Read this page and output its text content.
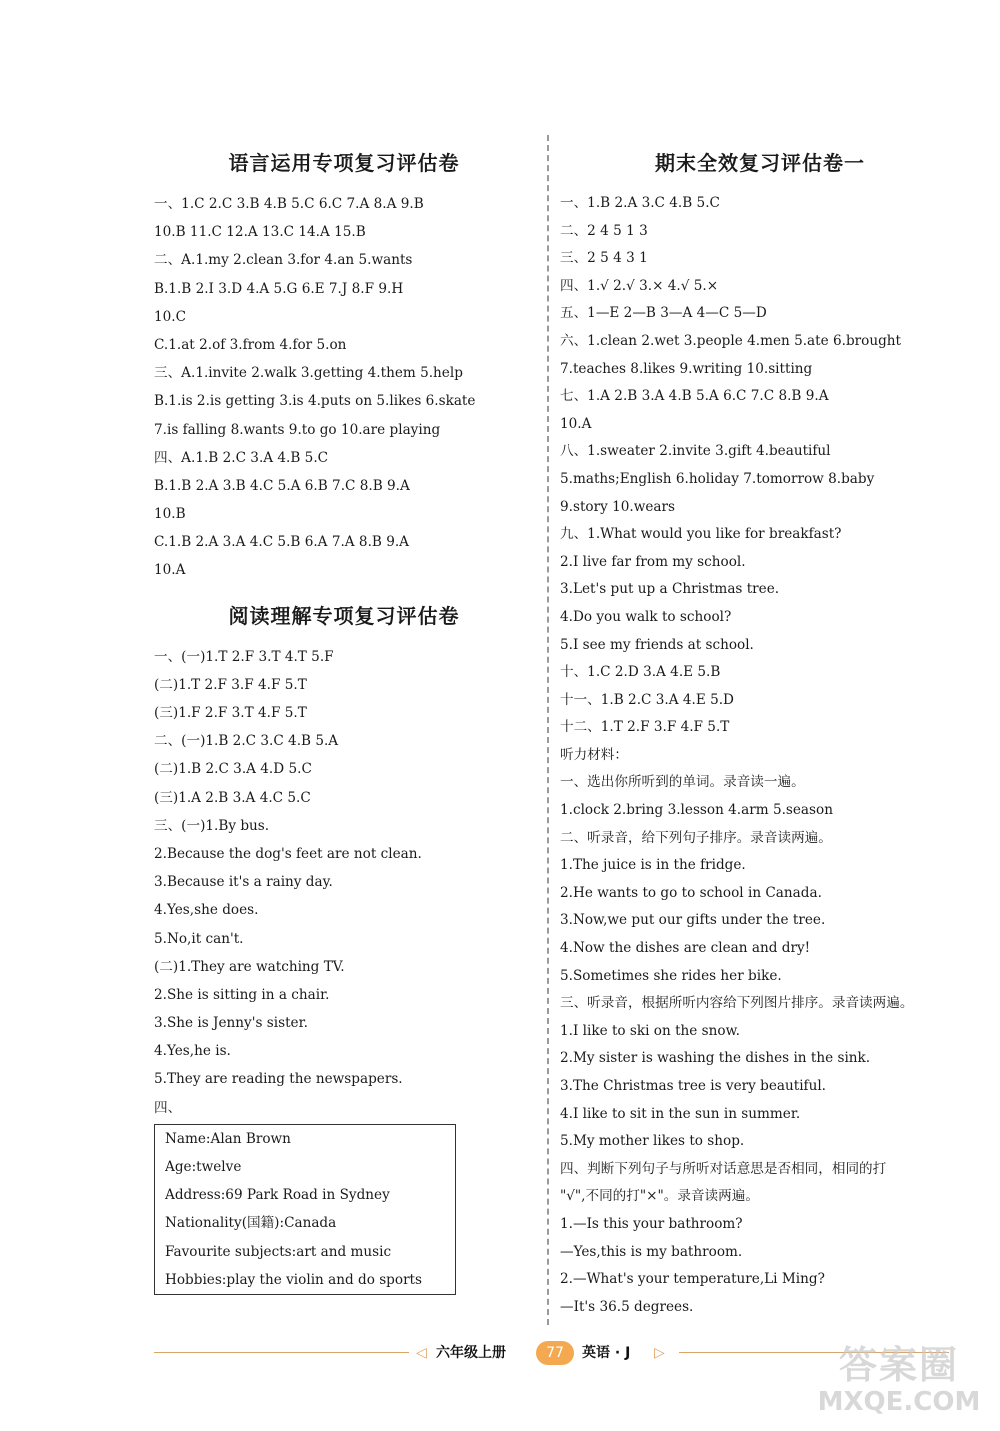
语言运用专项复习评估卷
一、1.C 2.C 3.B 4.B 5.C 6.C 7.A 8.A 9.B
10.B 11.C 12.A 13.C 14.A 15.B
二、A.1.my 2.clean 3.for 4.an 5.wants
B.1.B 2.I 3.D 4.A 5.G 6.E 7.J 8.F 9.H
10.C
C.1.at 2.of 3.from 4.for 5.on
三、A.1.invite 2.walk 3.getting 4.them 5.help
B.1.is 2.is getting 3.is 4.puts on 5.likes 6.skate
7.is falling 8.wants 9.to go 10.are playing
四、A.1.B 2.C 3.A 4.B 5.C
B.1.B 2.A 3.B 4.C 5.A 6.B 7.C 8.B 9.A
10.B
C.1.B 2.A 3.A 4.C 5.B 6.A 7.A 8.B 9.A
10.A
阅读理解专项复习评估卷
一、(一)1.T 2.F 3.T 4.T 5.F
(二)1.T 2.F 3.F 4.F 5.T
(三)1.F 2.F 3.T 4.F 5.T
二、(一)1.B 2.C 3.C 4.B 5.A
(二)1.B 2.C 3.A 4.D 5.C
(三)1.A 2.B 3.A 4.C 5.C
三、(一)1.By bus.
2.Because the dog's feet are not clean.
3.Because it's a rainy day.
4.Yes,she does.
5.No,it can't.
(二)1.They are watching TV.
2.She is sitting in a chair.
3.She is Jenny's sister.
4.Yes,he is.
5.They are reading the newspapers.
四、
Name:Alan Brown
Age:twelve
Address:69 Park Road in Sydney
Nationality(国籍):Canada
Favourite subjects:art and music
Hobbies:play the violin and do sports
期末全效复习评估卷一
一、1.B 2.A 3.C 4.B 5.C
二、2 4 5 1 3
三、2 5 4 3 1
四、1.√ 2.√ 3.× 4.√ 5.×
五、1—E 2—B 3—A 4—C 5—D
六、1.clean 2.wet 3.people 4.men 5.ate 6.brought
7.teaches 8.likes 9.writing 10.sitting
七、1.A 2.B 3.A 4.B 5.A 6.C 7.C 8.B 9.A
10.A
八、1.sweater 2.invite 3.gift 4.beautiful
5.maths;English 6.holiday 7.tomorrow 8.baby
9.story 10.wears
九、1.What would you like for breakfast?
2.I live far from my school.
3.Let's put up a Christmas tree.
4.Do you walk to school?
5.I see my friends at school.
十、1.C 2.D 3.A 4.E 5.B
十一、1.B 2.C 3.A 4.E 5.D
十二、1.T 2.F 3.F 4.F 5.T
听力材料：
一、选出你所听到的单词。录音读一遍。
1.clock 2.bring 3.lesson 4.arm 5.season
二、听录音，给下列句子排序。录音读两遍。
1.The juice is in the fridge.
2.He wants to go to school in Canada.
3.Now,we put our gifts under the tree.
4.Now the dishes are clean and dry!
5.Sometimes she rides her bike.
三、听录音，根据所听内容给下列图片排序。录音读两遍。
1.I like to ski on the snow.
2.My sister is washing the dishes in the sink.
3.The Christmas tree is very beautiful.
4.I like to sit in the sun in summer.
5.My mother likes to shop.
四、判断下列句子与所听对话意思是否相同，相同的打
"√",不同的打"×"。录音读两遍。
1.—Is this your bathroom?
—Yes,this is my bathroom.
2.—What's your temperature,Li Ming?
—It's 36.5 degrees.
◁ 六年级上册	77	英语 · J ▷	答案圈
MXQE.COM
